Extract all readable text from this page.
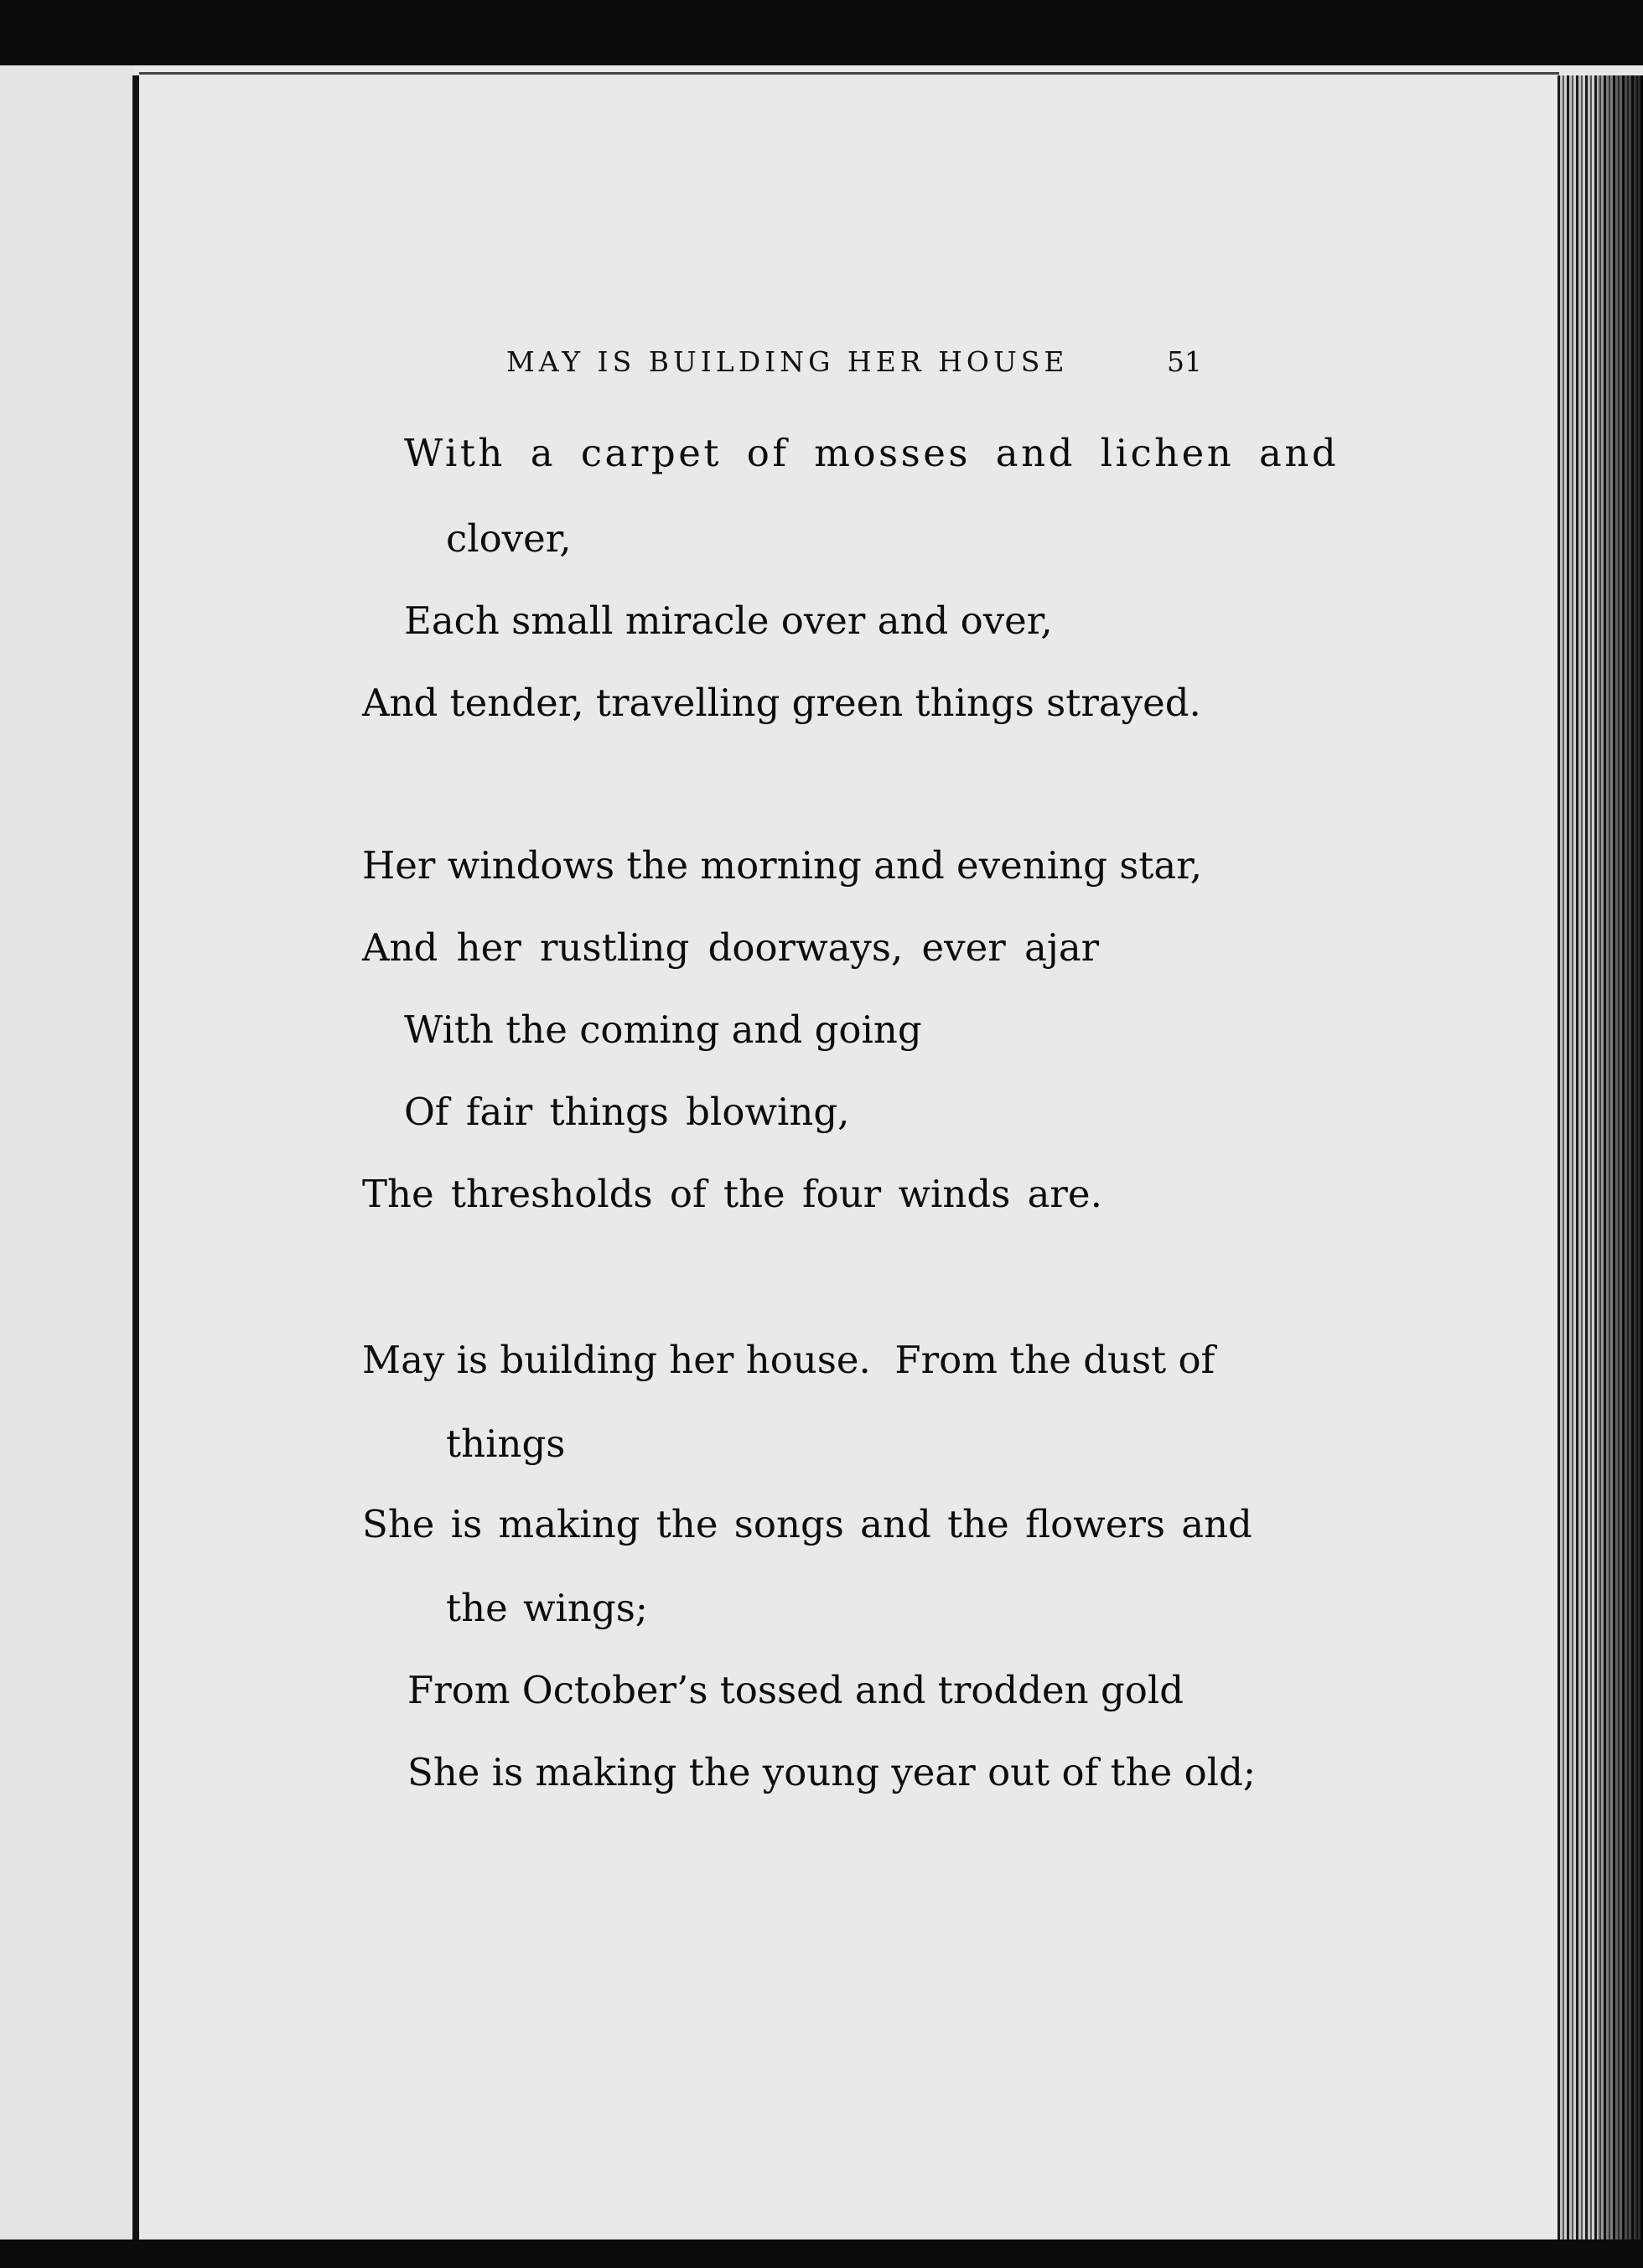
MAY IS BUILDING HER HOUSE	51
With a carpet of mosses and lichen and
clover,
Each small miracle over and over,
And tender, travelling green things strayed.
Her windows the morning and evening star,
And her rustling doorways, ever ajar
With the coming and going
Of fair things blowing,
The thresholds of the four winds are.
May is building her house.  From the dust of
things
She is making the songs and the flowers and
the wings;
From October’s tossed and trodden gold
She is making the young year out of the old;
